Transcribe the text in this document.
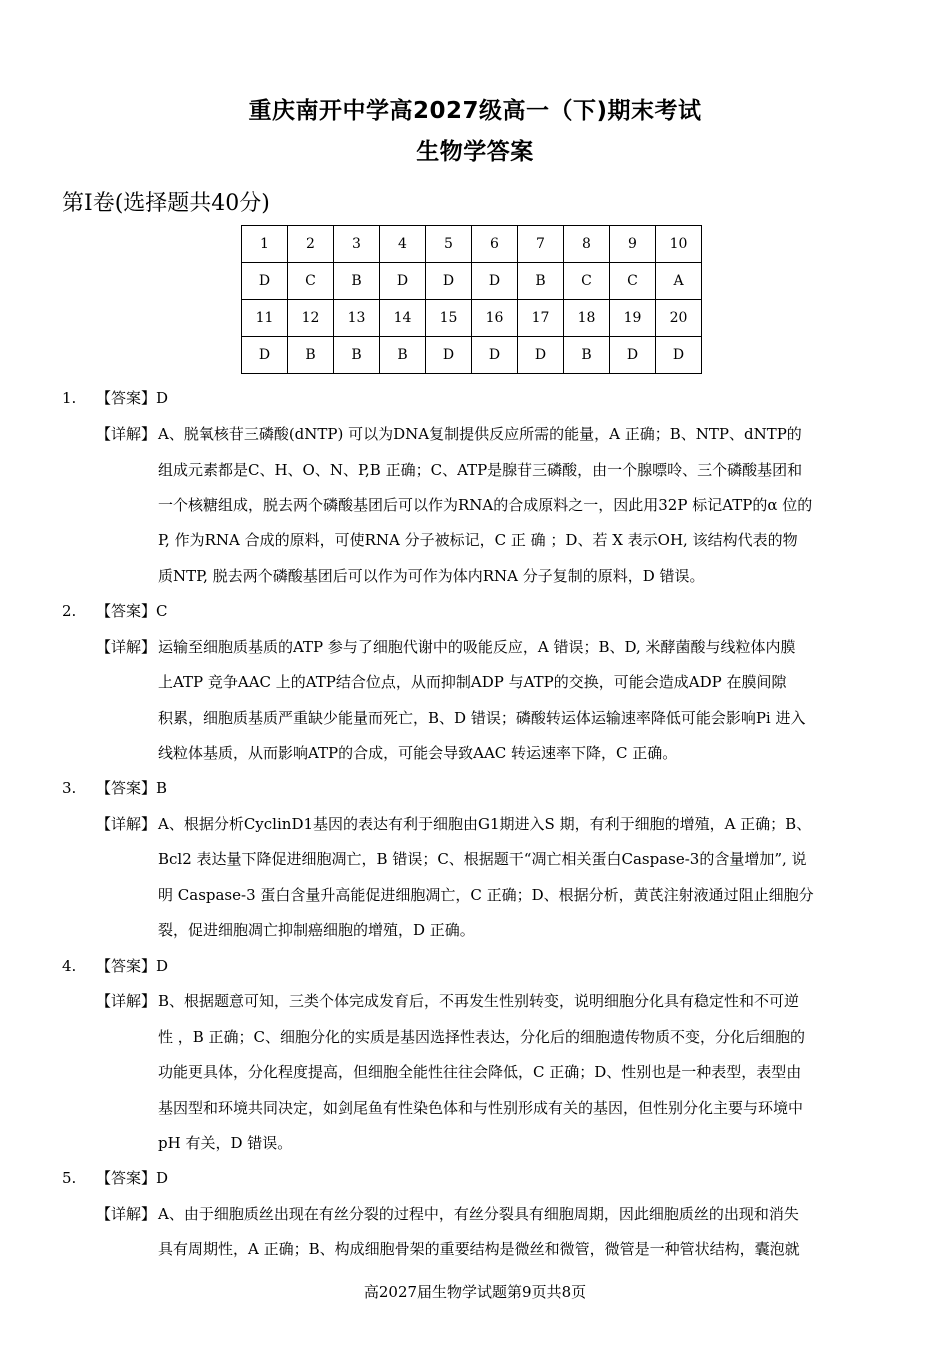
重庆南开中学高2027级高一（下)期末考试
生物学答案
第I卷(选择题共40分)
1	2	3	4	5	6	7	8	9	10
D	C	B	D	D	D	B	C	C	A
11	12	13	14	15	16	17	18	19	20
D	B	B	B	D	D	D	B	D	D
1. 【答案】D
【详解】 A、脱氧核苷三磷酸(dNTP) 可以为DNA复制提供反应所需的能量，A 正确；B、NTP、dNTP的
组成元素都是C、H、O、N、P,B 正确；C、ATP是腺苷三磷酸，由一个腺嘌呤、三个磷酸基团和
一个核糖组成，脱去两个磷酸基团后可以作为RNA的合成原料之一，因此用32P 标记ATP的α 位的
P, 作为RNA 合成的原料，可使RNA 分子被标记，C 正 确 ；D、若 X 表示OH, 该结构代表的物
质NTP, 脱去两个磷酸基团后可以作为可作为体内RNA 分子复制的原料，D 错误。
2. 【答案】C
【详解】 运输至细胞质基质的ATP 参与了细胞代谢中的吸能反应，A 错误；B、D, 米酵菌酸与线粒体内膜
上ATP 竞争AAC 上的ATP结合位点，从而抑制ADP 与ATP的交换，可能会造成ADP 在膜间隙
积累，细胞质基质严重缺少能量而死亡，B、D 错误；磷酸转运体运输速率降低可能会影响Pi 进入
线粒体基质，从而影响ATP的合成，可能会导致AAC 转运速率下降，C 正确。
3. 【答案】B
【详解】 A、根据分析CyclinD1基因的表达有利于细胞由G1期进入S 期，有利于细胞的增殖，A 正确；B、
Bcl2 表达量下降促进细胞凋亡，B 错误；C、根据题干“凋亡相关蛋白Caspase-3的含量增加”, 说
明 Caspase-3 蛋白含量升高能促进细胞凋亡，C 正确；D、根据分析，黄芪注射液通过阻止细胞分
裂，促进细胞凋亡抑制癌细胞的增殖，D 正确。
4. 【答案】D
【详解】 B、根据题意可知，三类个体完成发育后，不再发生性别转变，说明细胞分化具有稳定性和不可逆
性 ，B 正确；C、细胞分化的实质是基因选择性表达，分化后的细胞遗传物质不变，分化后细胞的
功能更具体，分化程度提高，但细胞全能性往往会降低，C 正确；D、性别也是一种表型，表型由
基因型和环境共同决定，如剑尾鱼有性染色体和与性别形成有关的基因，但性别分化主要与环境中
pH 有关，D 错误。
5. 【答案】D
【详解】 A、由于细胞质丝出现在有丝分裂的过程中，有丝分裂具有细胞周期，因此细胞质丝的出现和消失
具有周期性，A 正确；B、构成细胞骨架的重要结构是微丝和微管，微管是一种管状结构，囊泡就
高2027届生物学试题第9页共8页
